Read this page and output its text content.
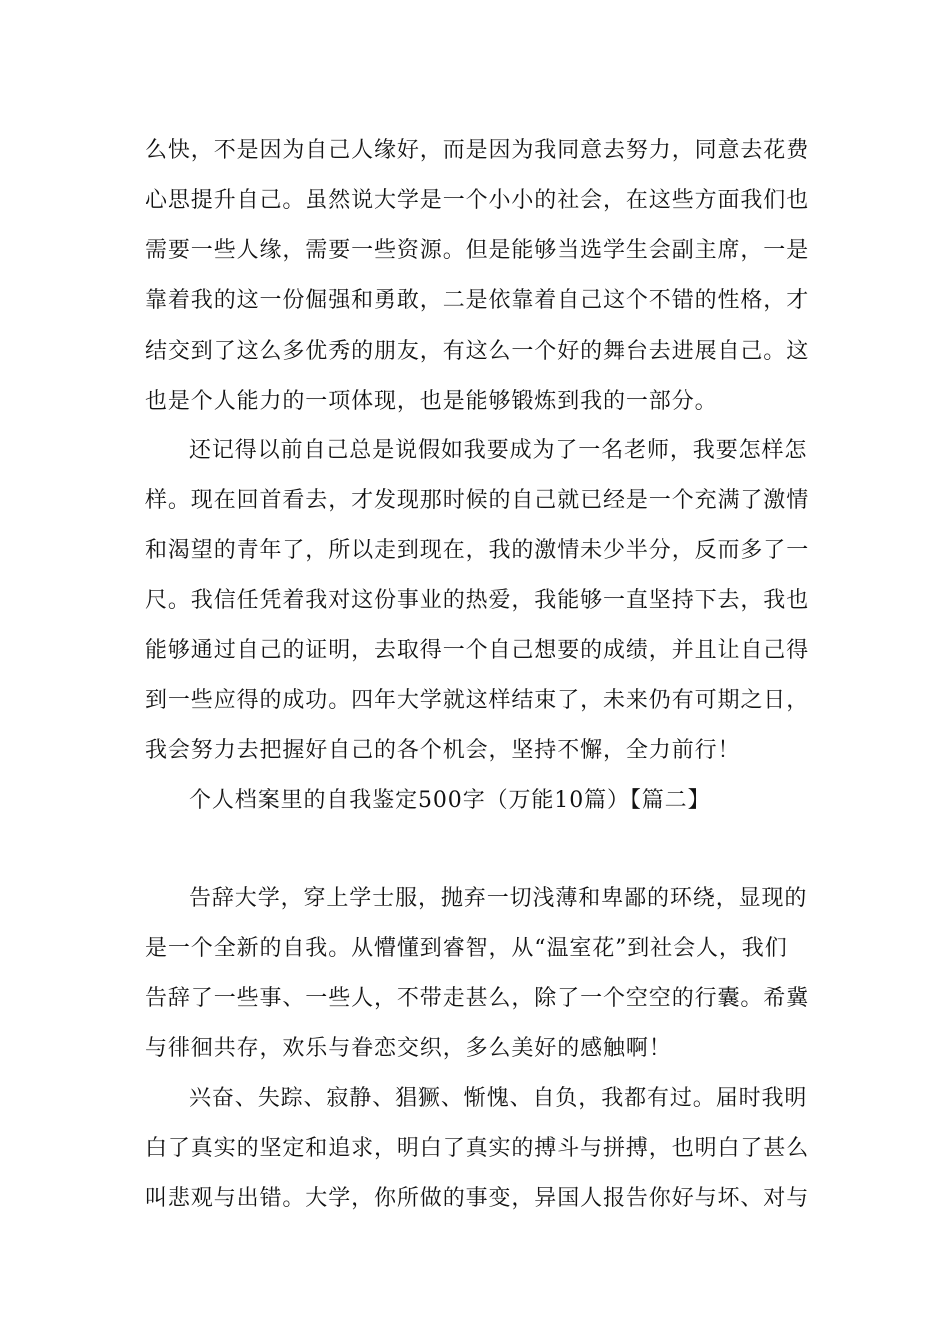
么快，不是因为自己人缘好，而是因为我同意去努力，同意去花费
心思提升自己。虽然说大学是一个小小的社会，在这些方面我们也
需要一些人缘，需要一些资源。但是能够当选学生会副主席，一是
靠着我的这一份倔强和勇敢，二是依靠着自己这个不错的性格，才
结交到了这么多优秀的朋友，有这么一个好的舞台去进展自己。这
也是个人能力的一项体现，也是能够锻炼到我的一部分。
还记得以前自己总是说假如我要成为了一名老师，我要怎样怎
样。现在回首看去，才发现那时候的自己就已经是一个充满了激情
和渴望的青年了，所以走到现在，我的激情未少半分，反而多了一
尺。我信任凭着我对这份事业的热爱，我能够一直坚持下去，我也
能够通过自己的证明，去取得一个自己想要的成绩，并且让自己得
到一些应得的成功。四年大学就这样结束了，未来仍有可期之日，
我会努力去把握好自己的各个机会，坚持不懈，全力前行！
个人档案里的自我鉴定500字（万能10篇）【篇二】
告辞大学，穿上学士服，抛弃一切浅薄和卑鄙的环绕，显现的
是一个全新的自我。从懵懂到睿智，从“温室花”到社会人，我们
告辞了一些事、一些人，不带走甚么，除了一个空空的行囊。希冀
与徘徊共存，欢乐与眷恋交织，多么美好的感触啊！
兴奋、失踪、寂静、猖獗、惭愧、自负，我都有过。届时我明
白了真实的坚定和追求，明白了真实的搏斗与拼搏，也明白了甚么
叫悲观与出错。大学，你所做的事变，异国人报告你好与坏、对与
